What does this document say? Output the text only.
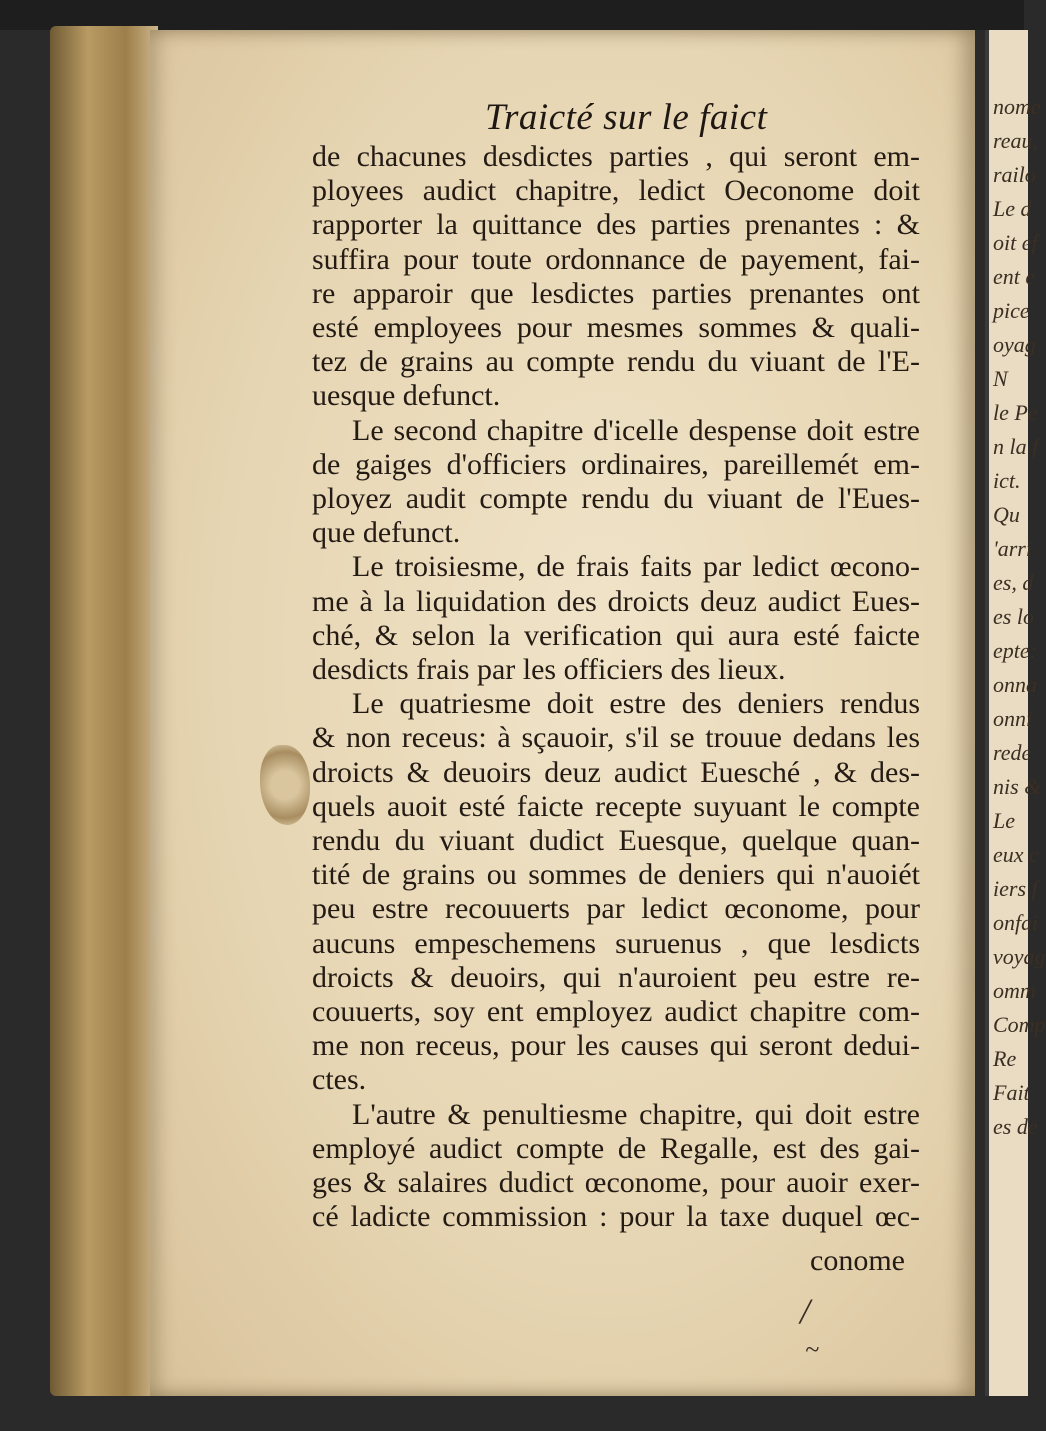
nome
reau,
railo
Le d
oit ef
ent e
pice
oyag
N
le Pe
n la f
ict.
Qu
'arri
es, d
es lo
epte:
onna
onni
rede
nis &
Le
eux c
iers f
onfai
voyag
omm
Comp
Re
Fait
es de
Traicté sur le faict
de chacunes desdictes parties , qui seront em-
ployees audict chapitre, ledict Oeconome doit
rapporter la quittance des parties prenantes : &
suffira pour toute ordonnance de payement, fai-
re apparoir que lesdictes parties prenantes ont
esté employees pour mesmes sommes & quali-
tez de grains au compte rendu du viuant de l'E-
uesque defunct.
Le second chapitre d'icelle despense doit estre
de gaiges d'officiers ordinaires, pareillemét em-
ployez audit compte rendu du viuant de l'Eues-
que defunct.
Le troisiesme, de frais faits par ledict œcono-
me à la liquidation des droicts deuz audict Eues-
ché, & selon la verification qui aura esté faicte
desdicts frais par les officiers des lieux.
Le quatriesme doit estre des deniers rendus
& non receus: à sçauoir, s'il se trouue dedans les
droicts & deuoirs deuz audict Euesché , & des-
quels auoit esté faicte recepte suyuant le compte
rendu du viuant dudict Euesque, quelque quan-
tité de grains ou sommes de deniers qui n'auoiét
peu estre recouuerts par ledict œconome, pour
aucuns empeschemens suruenus , que lesdicts
droicts & deuoirs, qui n'auroient peu estre re-
couuerts, soy ent employez audict chapitre com-
me non receus, pour les causes qui seront dedui-
ctes.
L'autre & penultiesme chapitre, qui doit estre
employé audict compte de Regalle, est des gai-
ges & salaires dudict œconome, pour auoir exer-
cé ladicte commission : pour la taxe duquel œc-
conome
/
~
